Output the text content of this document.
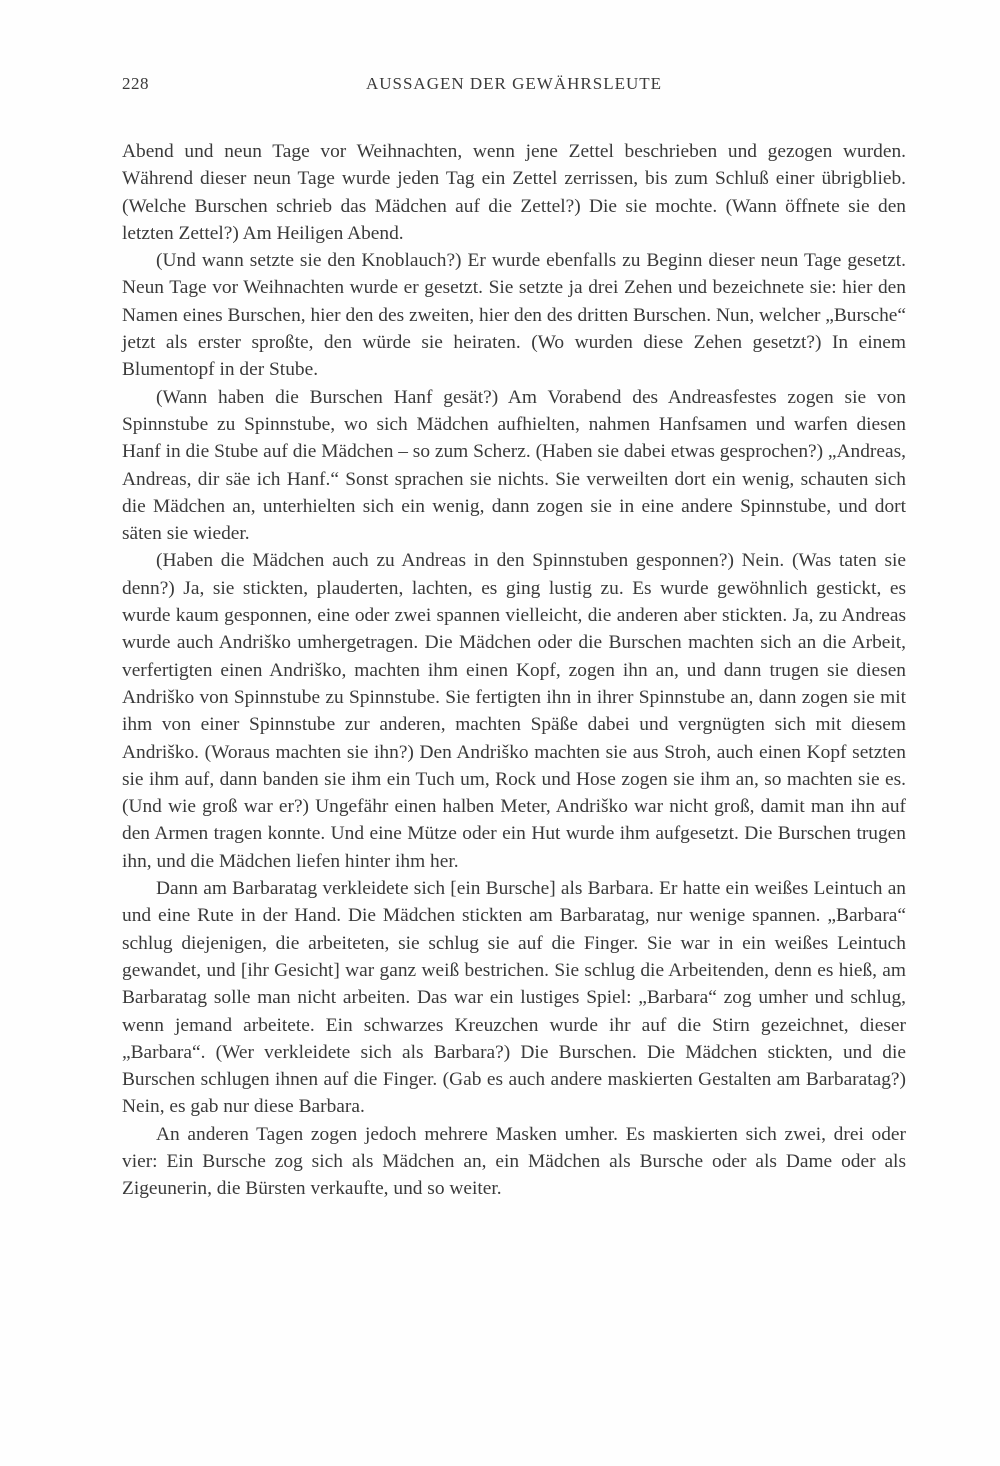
228	AUSSAGEN DER GEWÄHRSLEUTE

Abend und neun Tage vor Weihnachten, wenn jene Zettel beschrieben und gezogen wurden. Während dieser neun Tage wurde jeden Tag ein Zettel zerrissen, bis zum Schluß einer übrigblieb. (Welche Burschen schrieb das Mädchen auf die Zettel?) Die sie mochte. (Wann öffnete sie den letzten Zettel?) Am Heiligen Abend.

(Und wann setzte sie den Knoblauch?) Er wurde ebenfalls zu Beginn dieser neun Tage gesetzt. Neun Tage vor Weihnachten wurde er gesetzt. Sie setzte ja drei Zehen und bezeichnete sie: hier den Namen eines Burschen, hier den des zweiten, hier den des dritten Burschen. Nun, welcher „Bursche“ jetzt als erster sproßte, den würde sie heiraten. (Wo wurden diese Zehen gesetzt?) In einem Blumentopf in der Stube.

(Wann haben die Burschen Hanf gesät?) Am Vorabend des Andreasfestes zogen sie von Spinnstube zu Spinnstube, wo sich Mädchen aufhielten, nahmen Hanfsamen und warfen diesen Hanf in die Stube auf die Mädchen – so zum Scherz. (Haben sie dabei etwas gesprochen?) „Andreas, Andreas, dir säe ich Hanf.“ Sonst sprachen sie nichts. Sie verweilten dort ein wenig, schauten sich die Mädchen an, unterhielten sich ein wenig, dann zogen sie in eine andere Spinnstube, und dort säten sie wieder.

(Haben die Mädchen auch zu Andreas in den Spinnstuben gesponnen?) Nein. (Was taten sie denn?) Ja, sie stickten, plauderten, lachten, es ging lustig zu. Es wurde gewöhnlich gestickt, es wurde kaum gesponnen, eine oder zwei spannen vielleicht, die anderen aber stickten. Ja, zu Andreas wurde auch Andriško umhergetragen. Die Mädchen oder die Burschen machten sich an die Arbeit, verfertigten einen Andriško, machten ihm einen Kopf, zogen ihn an, und dann trugen sie diesen Andriško von Spinnstube zu Spinnstube. Sie fertigten ihn in ihrer Spinnstube an, dann zogen sie mit ihm von einer Spinnstube zur anderen, machten Späße dabei und vergnügten sich mit diesem Andriško. (Woraus machten sie ihn?) Den Andriško machten sie aus Stroh, auch einen Kopf setzten sie ihm auf, dann banden sie ihm ein Tuch um, Rock und Hose zogen sie ihm an, so machten sie es. (Und wie groß war er?) Ungefähr einen halben Meter, Andriško war nicht groß, damit man ihn auf den Armen tragen konnte. Und eine Mütze oder ein Hut wurde ihm aufgesetzt. Die Burschen trugen ihn, und die Mädchen liefen hinter ihm her.

Dann am Barbaratag verkleidete sich [ein Bursche] als Barbara. Er hatte ein weißes Leintuch an und eine Rute in der Hand. Die Mädchen stickten am Barbaratag, nur wenige spannen. „Barbara“ schlug diejenigen, die arbeiteten, sie schlug sie auf die Finger. Sie war in ein weißes Leintuch gewandet, und [ihr Gesicht] war ganz weiß bestrichen. Sie schlug die Arbeitenden, denn es hieß, am Barbaratag solle man nicht arbeiten. Das war ein lustiges Spiel: „Barbara“ zog umher und schlug, wenn jemand arbeitete. Ein schwarzes Kreuzchen wurde ihr auf die Stirn gezeichnet, dieser „Barbara“. (Wer verkleidete sich als Barbara?) Die Burschen. Die Mädchen stickten, und die Burschen schlugen ihnen auf die Finger. (Gab es auch andere maskierten Gestalten am Barbaratag?) Nein, es gab nur diese Barbara.

An anderen Tagen zogen jedoch mehrere Masken umher. Es maskierten sich zwei, drei oder vier: Ein Bursche zog sich als Mädchen an, ein Mädchen als Bursche oder als Dame oder als Zigeunerin, die Bürsten verkaufte, und so weiter.
